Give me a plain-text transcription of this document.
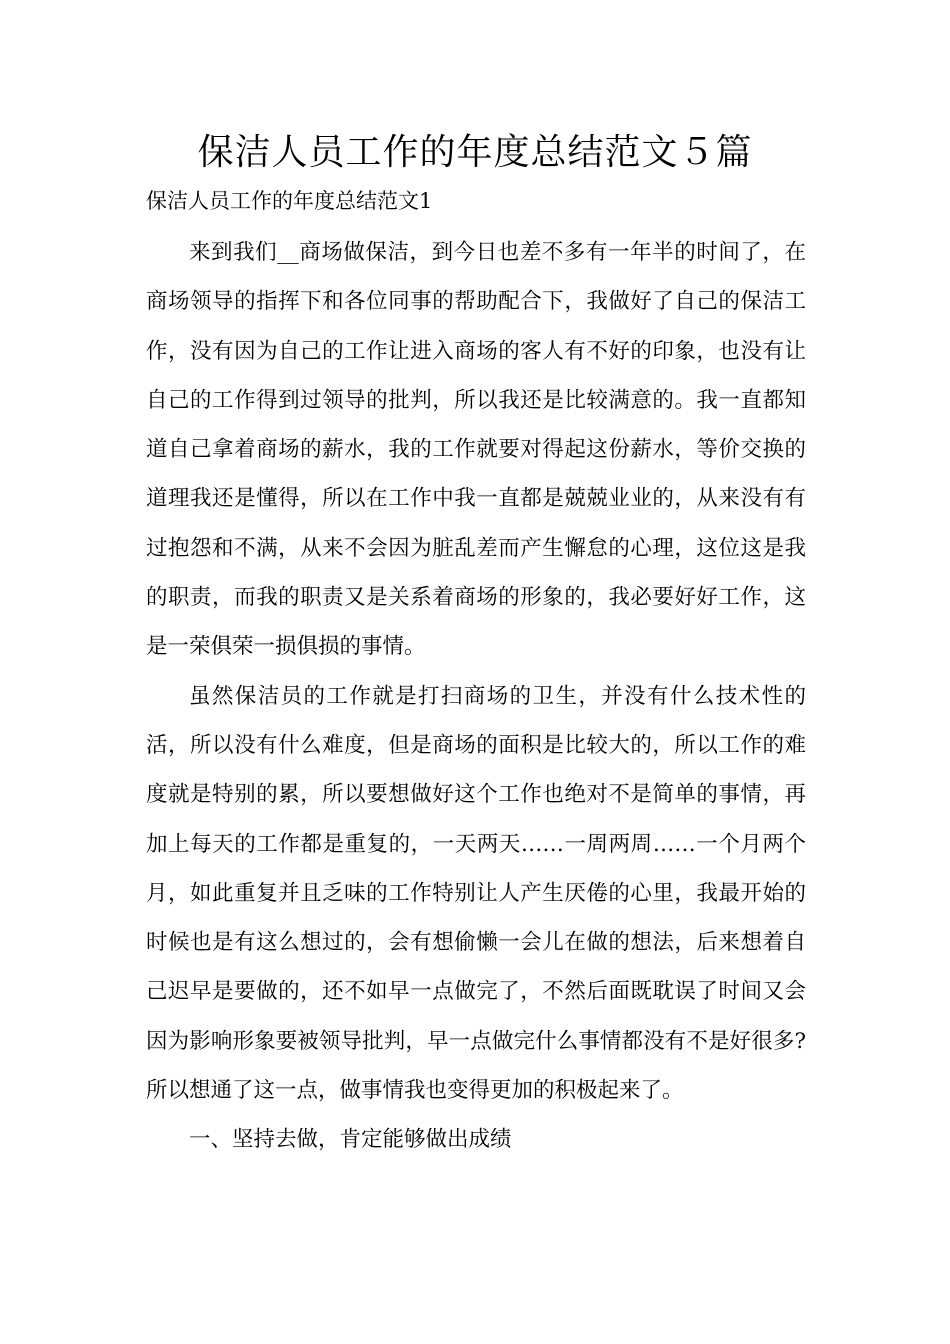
保洁人员工作的年度总结范文５篇

保洁人员工作的年度总结范文1

来到我们__商场做保洁，到今日也差不多有一年半的时间了，在商场领导的指挥下和各位同事的帮助配合下，我做好了自己的保洁工作，没有因为自己的工作让进入商场的客人有不好的印象，也没有让自己的工作得到过领导的批判，所以我还是比较满意的。我一直都知道自己拿着商场的薪水，我的工作就要对得起这份薪水，等价交换的道理我还是懂得，所以在工作中我一直都是兢兢业业的，从来没有有过抱怨和不满，从来不会因为脏乱差而产生懈怠的心理，这位这是我的职责，而我的职责又是关系着商场的形象的，我必要好好工作，这是一荣俱荣一损俱损的事情。

虽然保洁员的工作就是打扫商场的卫生，并没有什么技术性的活，所以没有什么难度，但是商场的面积是比较大的，所以工作的难度就是特别的累，所以要想做好这个工作也绝对不是简单的事情，再加上每天的工作都是重复的，一天两天……一周两周……一个月两个月，如此重复并且乏味的工作特别让人产生厌倦的心里，我最开始的时候也是有这么想过的，会有想偷懒一会儿在做的想法，后来想着自己迟早是要做的，还不如早一点做完了，不然后面既耽误了时间又会因为影响形象要被领导批判，早一点做完什么事情都没有不是好很多?所以想通了这一点，做事情我也变得更加的积极起来了。

一、坚持去做，肯定能够做出成绩
